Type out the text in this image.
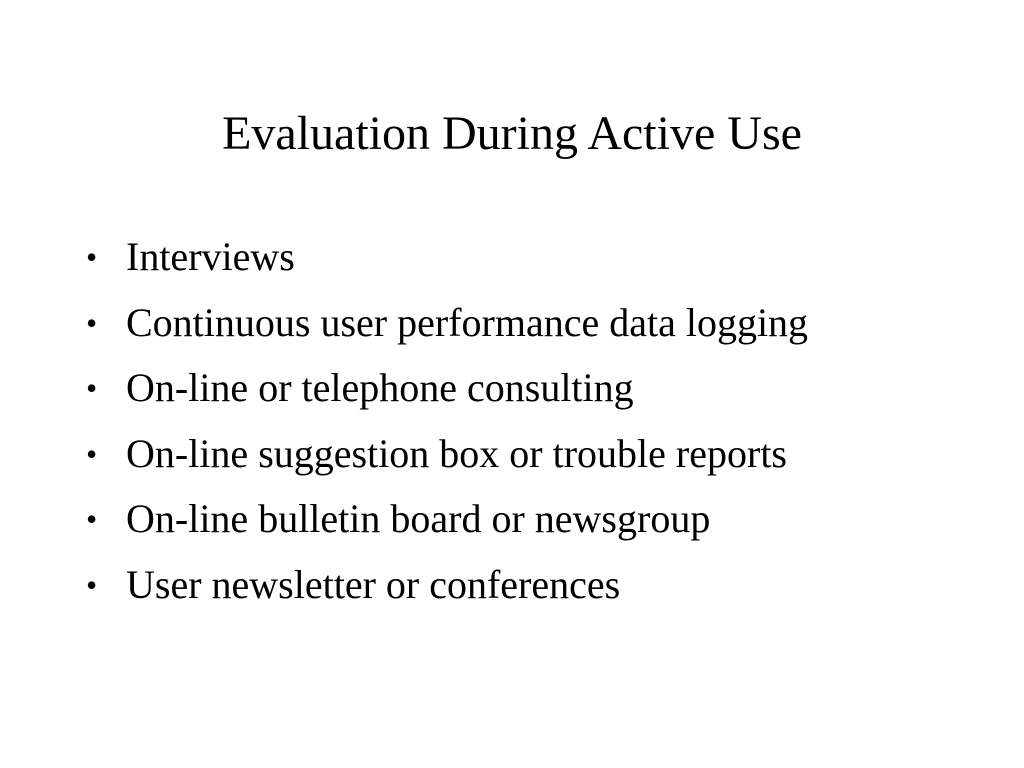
Evaluation During Active Use
• Interviews
• Continuous user performance data logging
• On-line or telephone consulting
• On-line suggestion box or trouble reports
• On-line bulletin board or newsgroup
• User newsletter or conferences
